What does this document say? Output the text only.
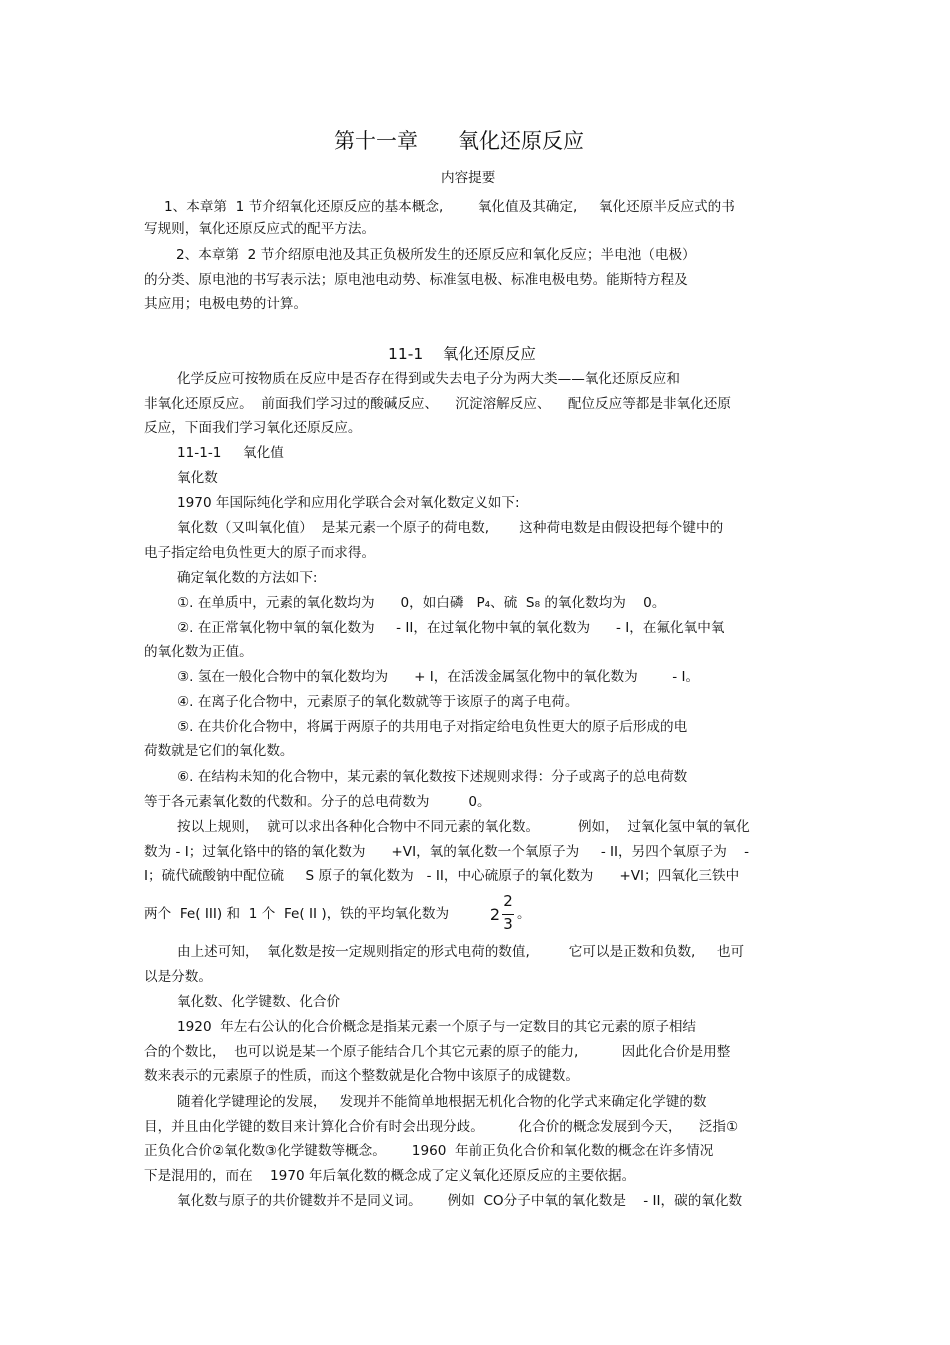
第十一章      氧化还原反应
内容提要
1、本章第  1 节介绍氧化还原反应的基本概念,        氧化值及其确定,     氧化还原半反应式的书
写规则，氧化还原反应式的配平方法。
2、本章第  2 节介绍原电池及其正负极所发生的还原反应和氧化反应；半电池（电极）
的分类、原电池的书写表示法；原电池电动势、标准氢电极、标准电极电势。能斯特方程及
其应用；电极电势的计算。
11-1    氧化还原反应
化学反应可按物质在反应中是否存在得到或失去电子分为两大类——氧化还原反应和
非氧化还原反应。  前面我们学习过的酸碱反应、    沉淀溶解反应、    配位反应等都是非氧化还原
反应，下面我们学习氧化还原反应。
11-1-1     氧化值
氧化数
1970 年国际纯化学和应用化学联合会对氧化数定义如下:
氧化数（又叫氧化值）  是某元素一个原子的荷电数,       这种荷电数是由假设把每个键中的
电子指定给电负性更大的原子而求得。
确定氧化数的方法如下:
①. 在单质中，元素的氧化数均为      0，如白磷   P₄、硫  S₈ 的氧化数均为    0。
②. 在正常氧化物中氧的氧化数为     - II，在过氧化物中氧的氧化数为      - I，在氟化氧中氧
的氧化数为正值。
③. 氢在一般化合物中的氧化数均为      + I，在活泼金属氢化物中的氧化数为        - I。
④. 在离子化合物中，元素原子的氧化数就等于该原子的离子电荷。
⑤. 在共价化合物中，将属于两原子的共用电子对指定给电负性更大的原子后形成的电
荷数就是它们的氧化数。
⑥. 在结构未知的化合物中，某元素的氧化数按下述规则求得：分子或离子的总电荷数
等于各元素氧化数的代数和。分子的总电荷数为         0。
按以上规则，  就可以求出各种化合物中不同元素的氧化数。         例如，  过氧化氢中氧的氧化
数为 - I；过氧化铬中的铬的氧化数为      +VI，氧的氧化数一个氧原子为     - II，另四个氧原子为    -
I；硫代硫酸钠中配位硫     S 原子的氧化数为   - II，中心硫原子的氧化数为      +VI；四氧化三铁中
两个  Fe( III) 和  1 个  Fe( II )，铁的平均氧化数为	2
2
3
。
由上述可知，  氧化数是按一定规则指定的形式电荷的数值,         它可以是正数和负数,     也可
以是分数。
氧化数、化学键数、化合价
1920  年左右公认的化合价概念是指某元素一个原子与一定数目的其它元素的原子相结
合的个数比，  也可以说是某一个原子能结合几个其它元素的原子的能力,          因此化合价是用整
数来表示的元素原子的性质，而这个整数就是化合物中该原子的成键数。
随着化学键理论的发展，   发现并不能简单地根据无机化合物的化学式来确定化学键的数
目，并且由化学键的数目来计算化合价有时会出现分歧。        化合价的概念发展到今天，    泛指①
正负化合价②氧化数③化学键数等概念。      1960  年前正负化合价和氧化数的概念在许多情况
下是混用的，而在    1970 年后氧化数的概念成了定义氧化还原反应的主要依据。
氧化数与原子的共价键数并不是同义词。      例如  CO分子中氧的氧化数是    - II，碳的氧化数
